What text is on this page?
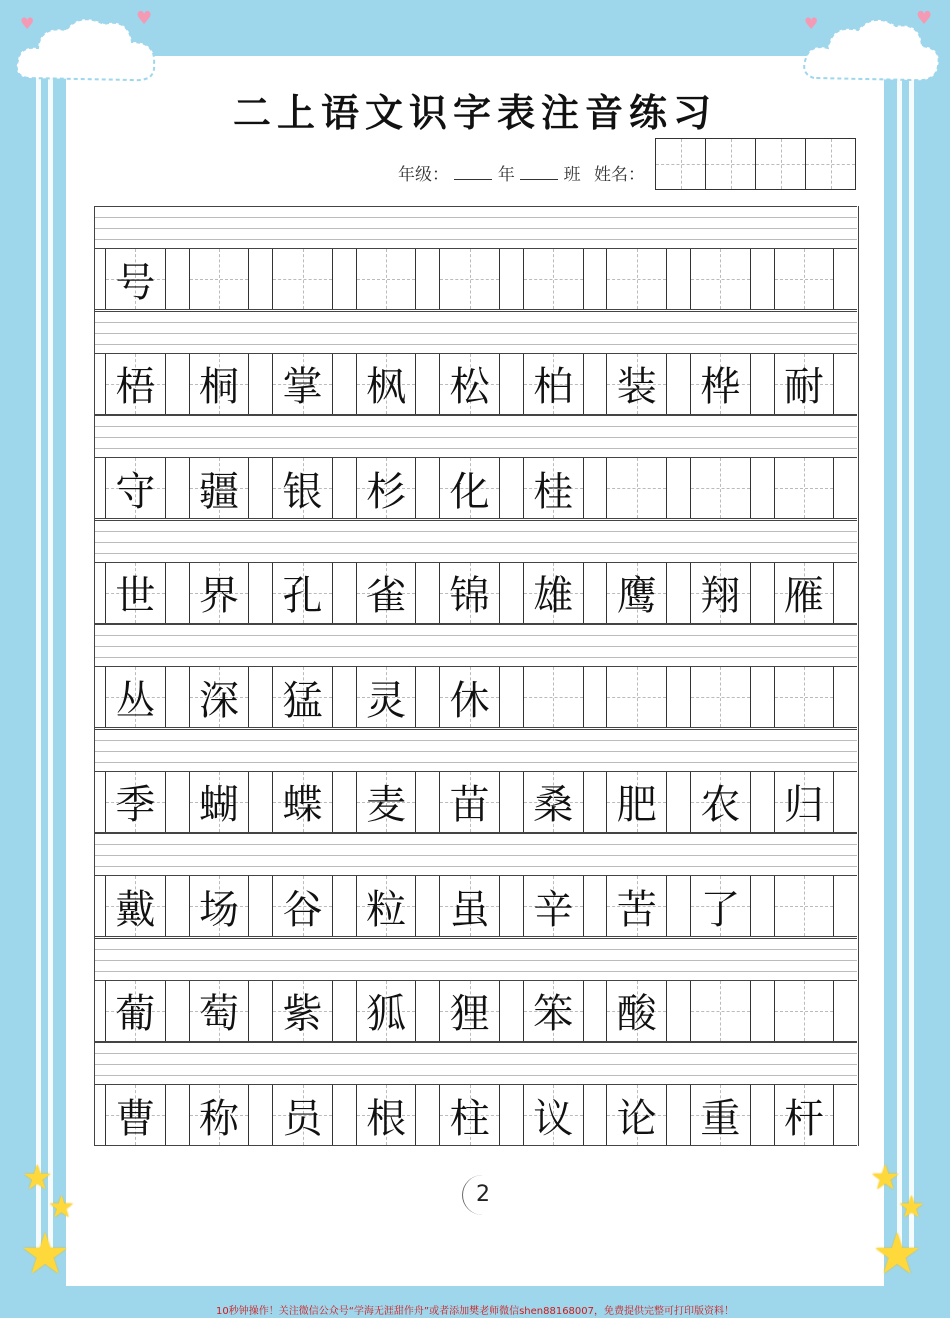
♥	♥	♥	♥
二上语文识字表注音练习
年级：	年	班 姓名：
号
梧 桐 掌 枫 松 柏 装 桦 耐
守 疆 银 杉 化 桂
世 界 孔 雀 锦 雄 鹰 翔 雁
丛 深 猛 灵 休
季 蝴 蝶 麦 苗 桑 肥 农 归
戴 场 谷 粒 虽 辛 苦 了
葡 萄 紫 狐 狸 笨 酸
曹 称 员 根 柱 议 论 重 杆
2
★
★
★
★
★
★
10秒钟操作！关注微信公众号“学海无涯甜作舟”或者添加樊老师微信shen88168007，免费提供完整可打印版资料！
